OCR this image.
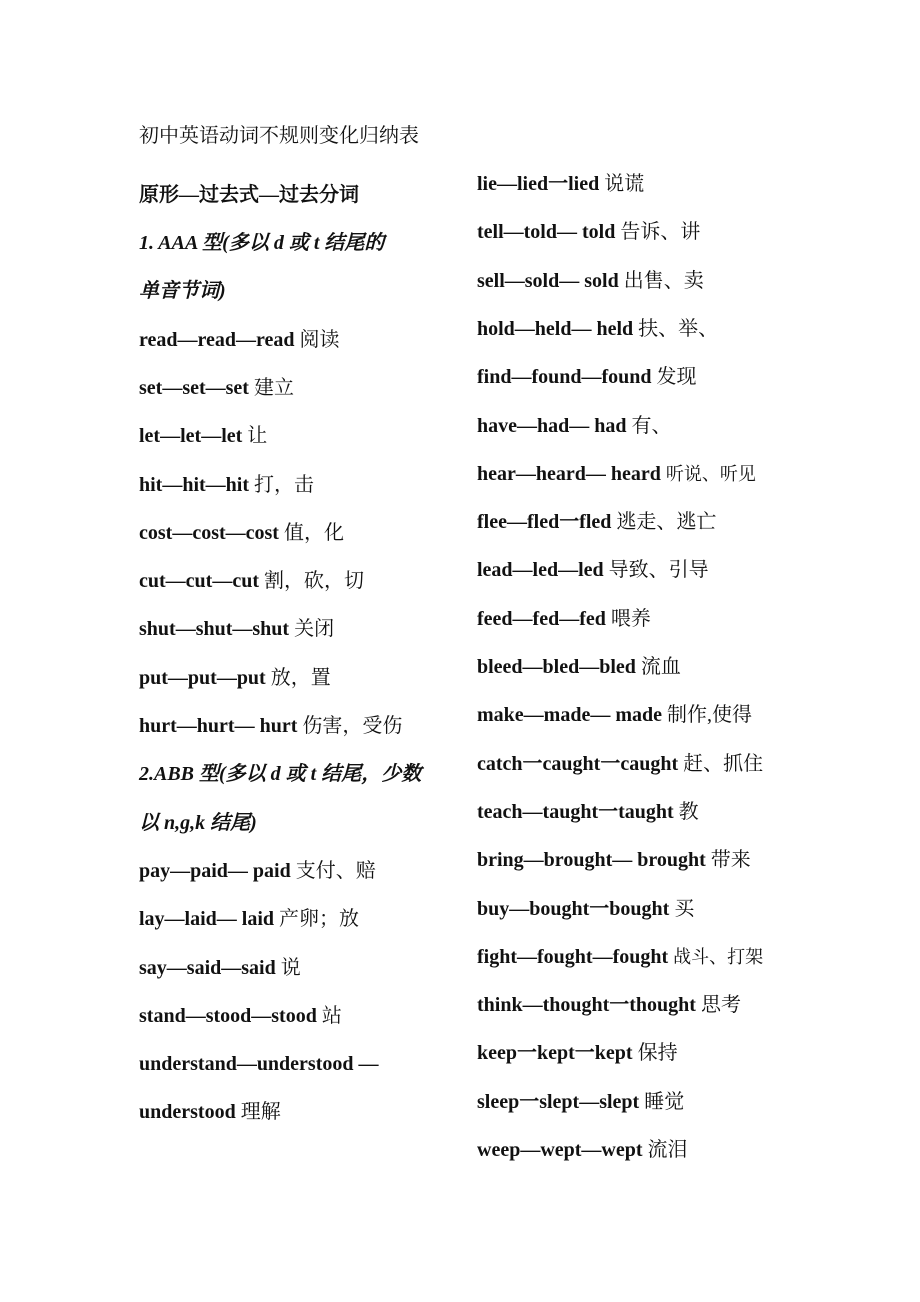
初中英语动词不规则变化归纳表
原形—过去式—过去分词
1. AAA 型(多以 d 或 t 结尾的
单音节词)
read—read—read 阅读
set—set—set 建立
let—let—let 让
hit—hit—hit 打，击
cost—cost—cost 值，化
cut—cut—cut 割，砍，切
shut—shut—shut 关闭
put—put—put 放，置
hurt—hurt— hurt 伤害，受伤
2.ABB 型(多以 d 或 t 结尾，少数
以 n,g,k 结尾)
pay—paid— paid 支付、赔
lay—laid— laid 产卵；放
say—said—said 说
stand—stood—stood 站
understand—understood —
understood 理解
lie—lied一lied 说谎
tell—told— told 告诉、讲
sell—sold— sold 出售、卖
hold—held— held 扶、举、
find—found—found 发现
have—had— had 有、
hear—heard— heard 听说、听见
flee—fled一fled 逃走、逃亡
lead—led—led 导致、引导
feed—fed—fed 喂养
bleed—bled—bled 流血
make—made— made 制作,使得
catch一caught一caught 赶、抓住
teach—taught一taught 教
bring—brought— brought 带来
buy—bought一bought 买
fight—fought—fought 战斗、打架
think—thought一thought 思考
keep一kept一kept 保持
sleep一slept—slept 睡觉
weep—wept—wept 流泪
